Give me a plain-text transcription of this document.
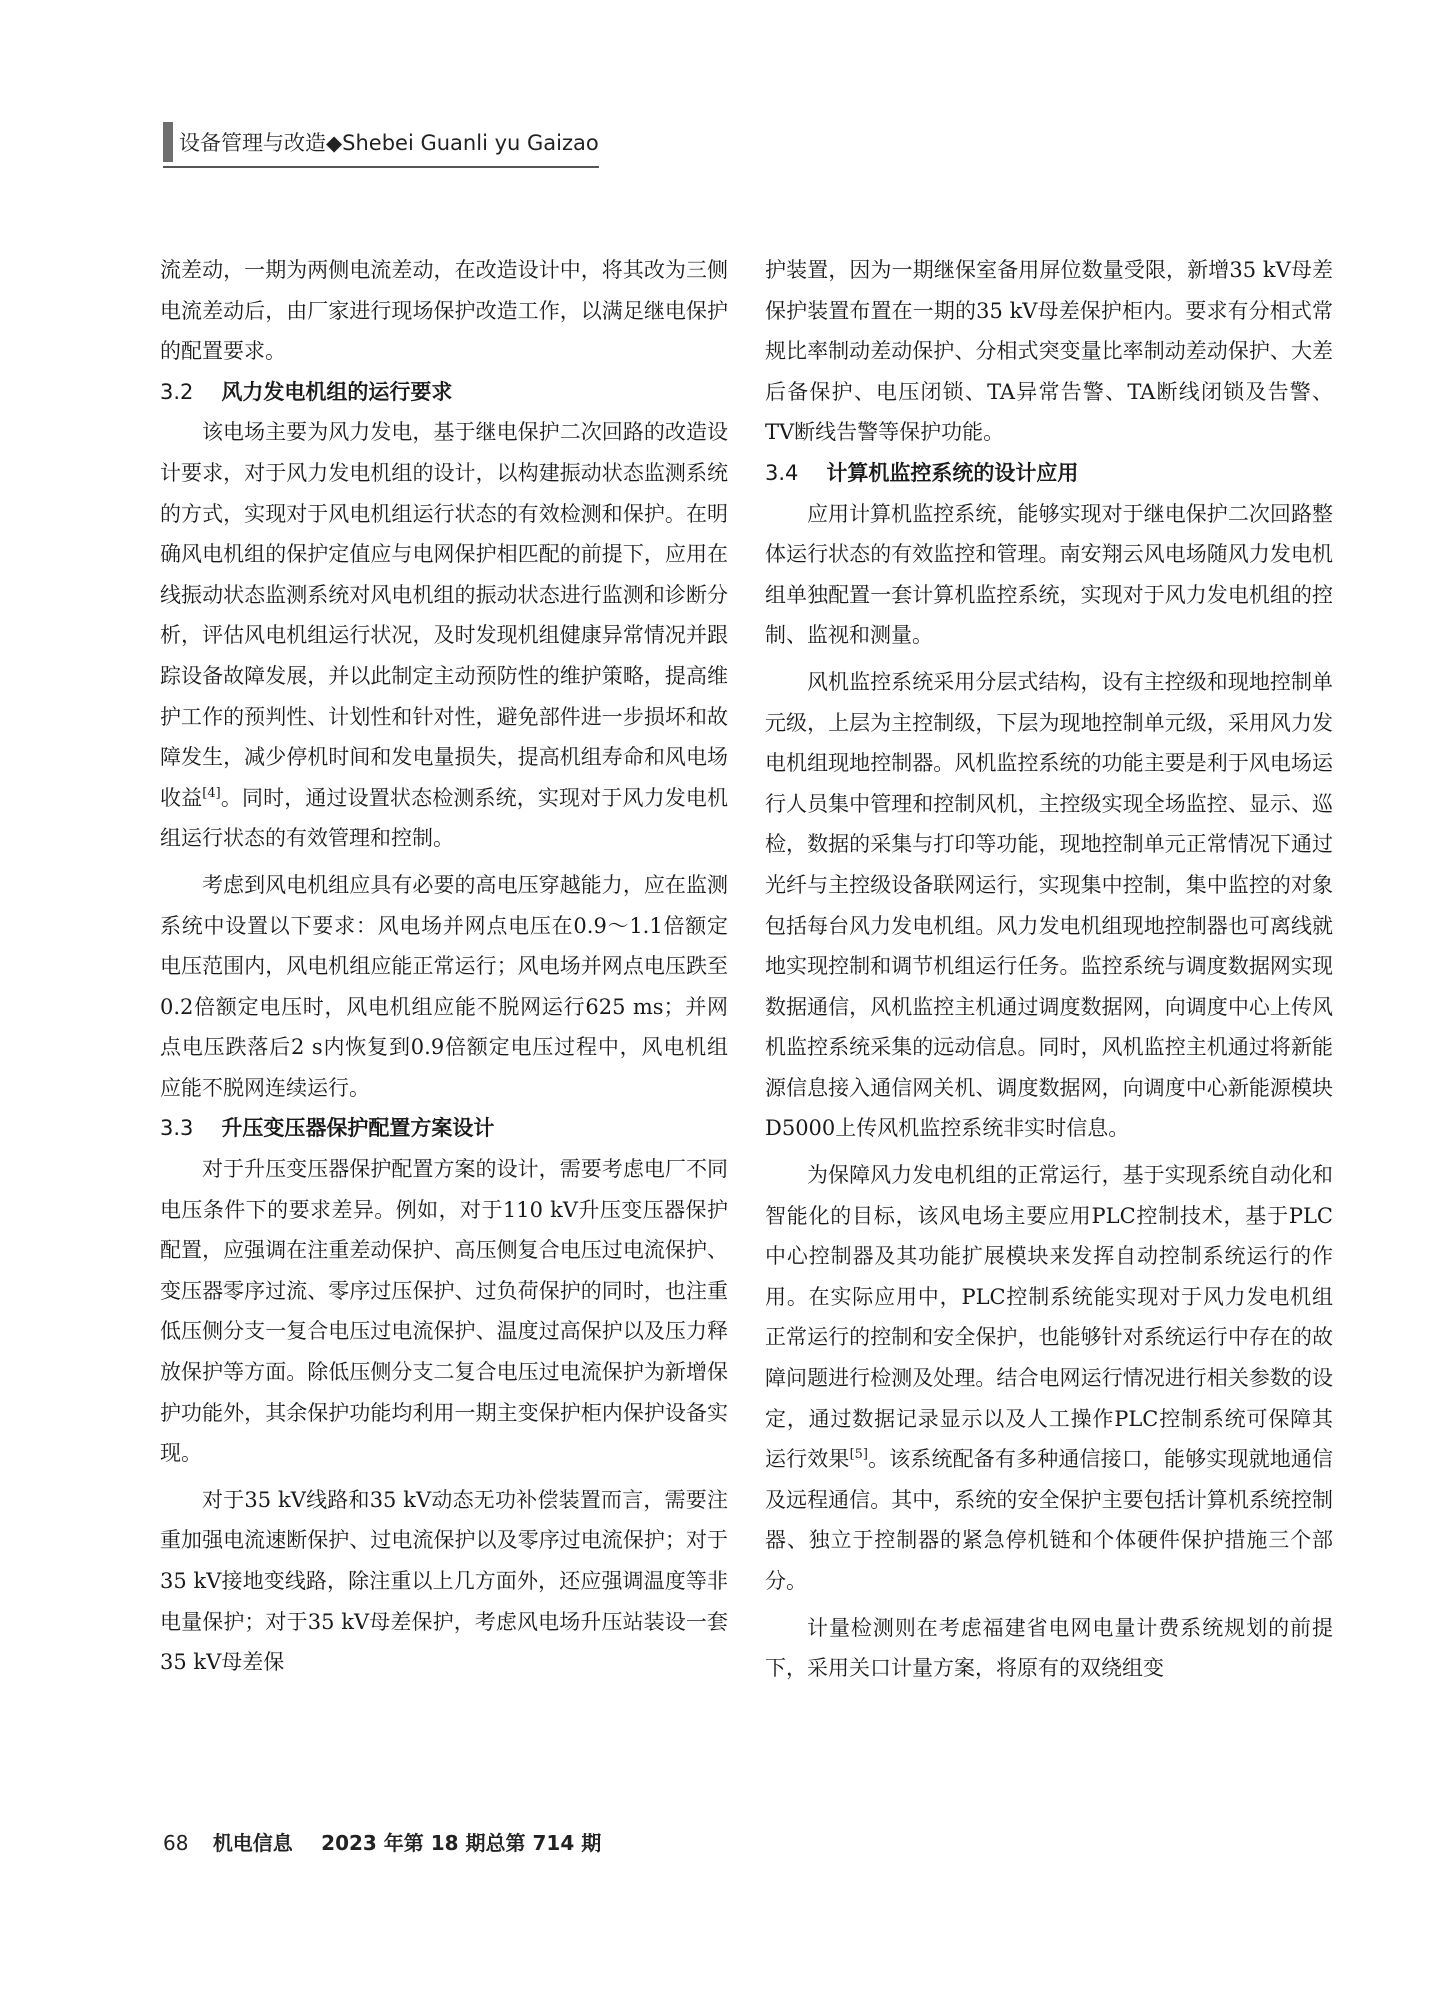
设备管理与改造◆Shebei Guanli yu Gaizao

流差动，一期为两侧电流差动，在改造设计中，将其改为三侧电流差动后，由厂家进行现场保护改造工作，以满足继电保护的配置要求。

3.2 风力发电机组的运行要求

该电场主要为风力发电，基于继电保护二次回路的改造设计要求，对于风力发电机组的设计，以构建振动状态监测系统的方式，实现对于风电机组运行状态的有效检测和保护。在明确风电机组的保护定值应与电网保护相匹配的前提下，应用在线振动状态监测系统对风电机组的振动状态进行监测和诊断分析，评估风电机组运行状况，及时发现机组健康异常情况并跟踪设备故障发展，并以此制定主动预防性的维护策略，提高维护工作的预判性、计划性和针对性，避免部件进一步损坏和故障发生，减少停机时间和发电量损失，提高机组寿命和风电场收益[4]。同时，通过设置状态检测系统，实现对于风力发电机组运行状态的有效管理和控制。

考虑到风电机组应具有必要的高电压穿越能力，应在监测系统中设置以下要求：风电场并网点电压在0.9～1.1倍额定电压范围内，风电机组应能正常运行；风电场并网点电压跌至0.2倍额定电压时，风电机组应能不脱网运行625 ms；并网点电压跌落后2 s内恢复到0.9倍额定电压过程中，风电机组应能不脱网连续运行。

3.3 升压变压器保护配置方案设计

对于升压变压器保护配置方案的设计，需要考虑电厂不同电压条件下的要求差异。例如，对于110 kV升压变压器保护配置，应强调在注重差动保护、高压侧复合电压过电流保护、变压器零序过流、零序过压保护、过负荷保护的同时，也注重低压侧分支一复合电压过电流保护、温度过高保护以及压力释放保护等方面。除低压侧分支二复合电压过电流保护为新增保护功能外，其余保护功能均利用一期主变保护柜内保护设备实现。

对于35 kV线路和35 kV动态无功补偿装置而言，需要注重加强电流速断保护、过电流保护以及零序过电流保护；对于35 kV接地变线路，除注重以上几方面外，还应强调温度等非电量保护；对于35 kV母差保护，考虑风电场升压站装设一套35 kV母差保

护装置，因为一期继保室备用屏位数量受限，新增35 kV母差保护装置布置在一期的35 kV母差保护柜内。要求有分相式常规比率制动差动保护、分相式突变量比率制动差动保护、大差后备保护、电压闭锁、TA异常告警、TA断线闭锁及告警、TV断线告警等保护功能。

3.4 计算机监控系统的设计应用

应用计算机监控系统，能够实现对于继电保护二次回路整体运行状态的有效监控和管理。南安翔云风电场随风力发电机组单独配置一套计算机监控系统，实现对于风力发电机组的控制、监视和测量。

风机监控系统采用分层式结构，设有主控级和现地控制单元级，上层为主控制级，下层为现地控制单元级，采用风力发电机组现地控制器。风机监控系统的功能主要是利于风电场运行人员集中管理和控制风机，主控级实现全场监控、显示、巡检，数据的采集与打印等功能，现地控制单元正常情况下通过光纤与主控级设备联网运行，实现集中控制，集中监控的对象包括每台风力发电机组。风力发电机组现地控制器也可离线就地实现控制和调节机组运行任务。监控系统与调度数据网实现数据通信，风机监控主机通过调度数据网，向调度中心上传风机监控系统采集的远动信息。同时，风机监控主机通过将新能源信息接入通信网关机、调度数据网，向调度中心新能源模块D5000上传风机监控系统非实时信息。

为保障风力发电机组的正常运行，基于实现系统自动化和智能化的目标，该风电场主要应用PLC控制技术，基于PLC中心控制器及其功能扩展模块来发挥自动控制系统运行的作用。在实际应用中，PLC控制系统能实现对于风力发电机组正常运行的控制和安全保护，也能够针对系统运行中存在的故障问题进行检测及处理。结合电网运行情况进行相关参数的设定，通过数据记录显示以及人工操作PLC控制系统可保障其运行效果[5]。该系统配备有多种通信接口，能够实现就地通信及远程通信。其中，系统的安全保护主要包括计算机系统控制器、独立于控制器的紧急停机链和个体硬件保护措施三个部分。

计量检测则在考虑福建省电网电量计费系统规划的前提下，采用关口计量方案，将原有的双绕组变

68 机电信息 2023 年第 18 期总第 714 期
